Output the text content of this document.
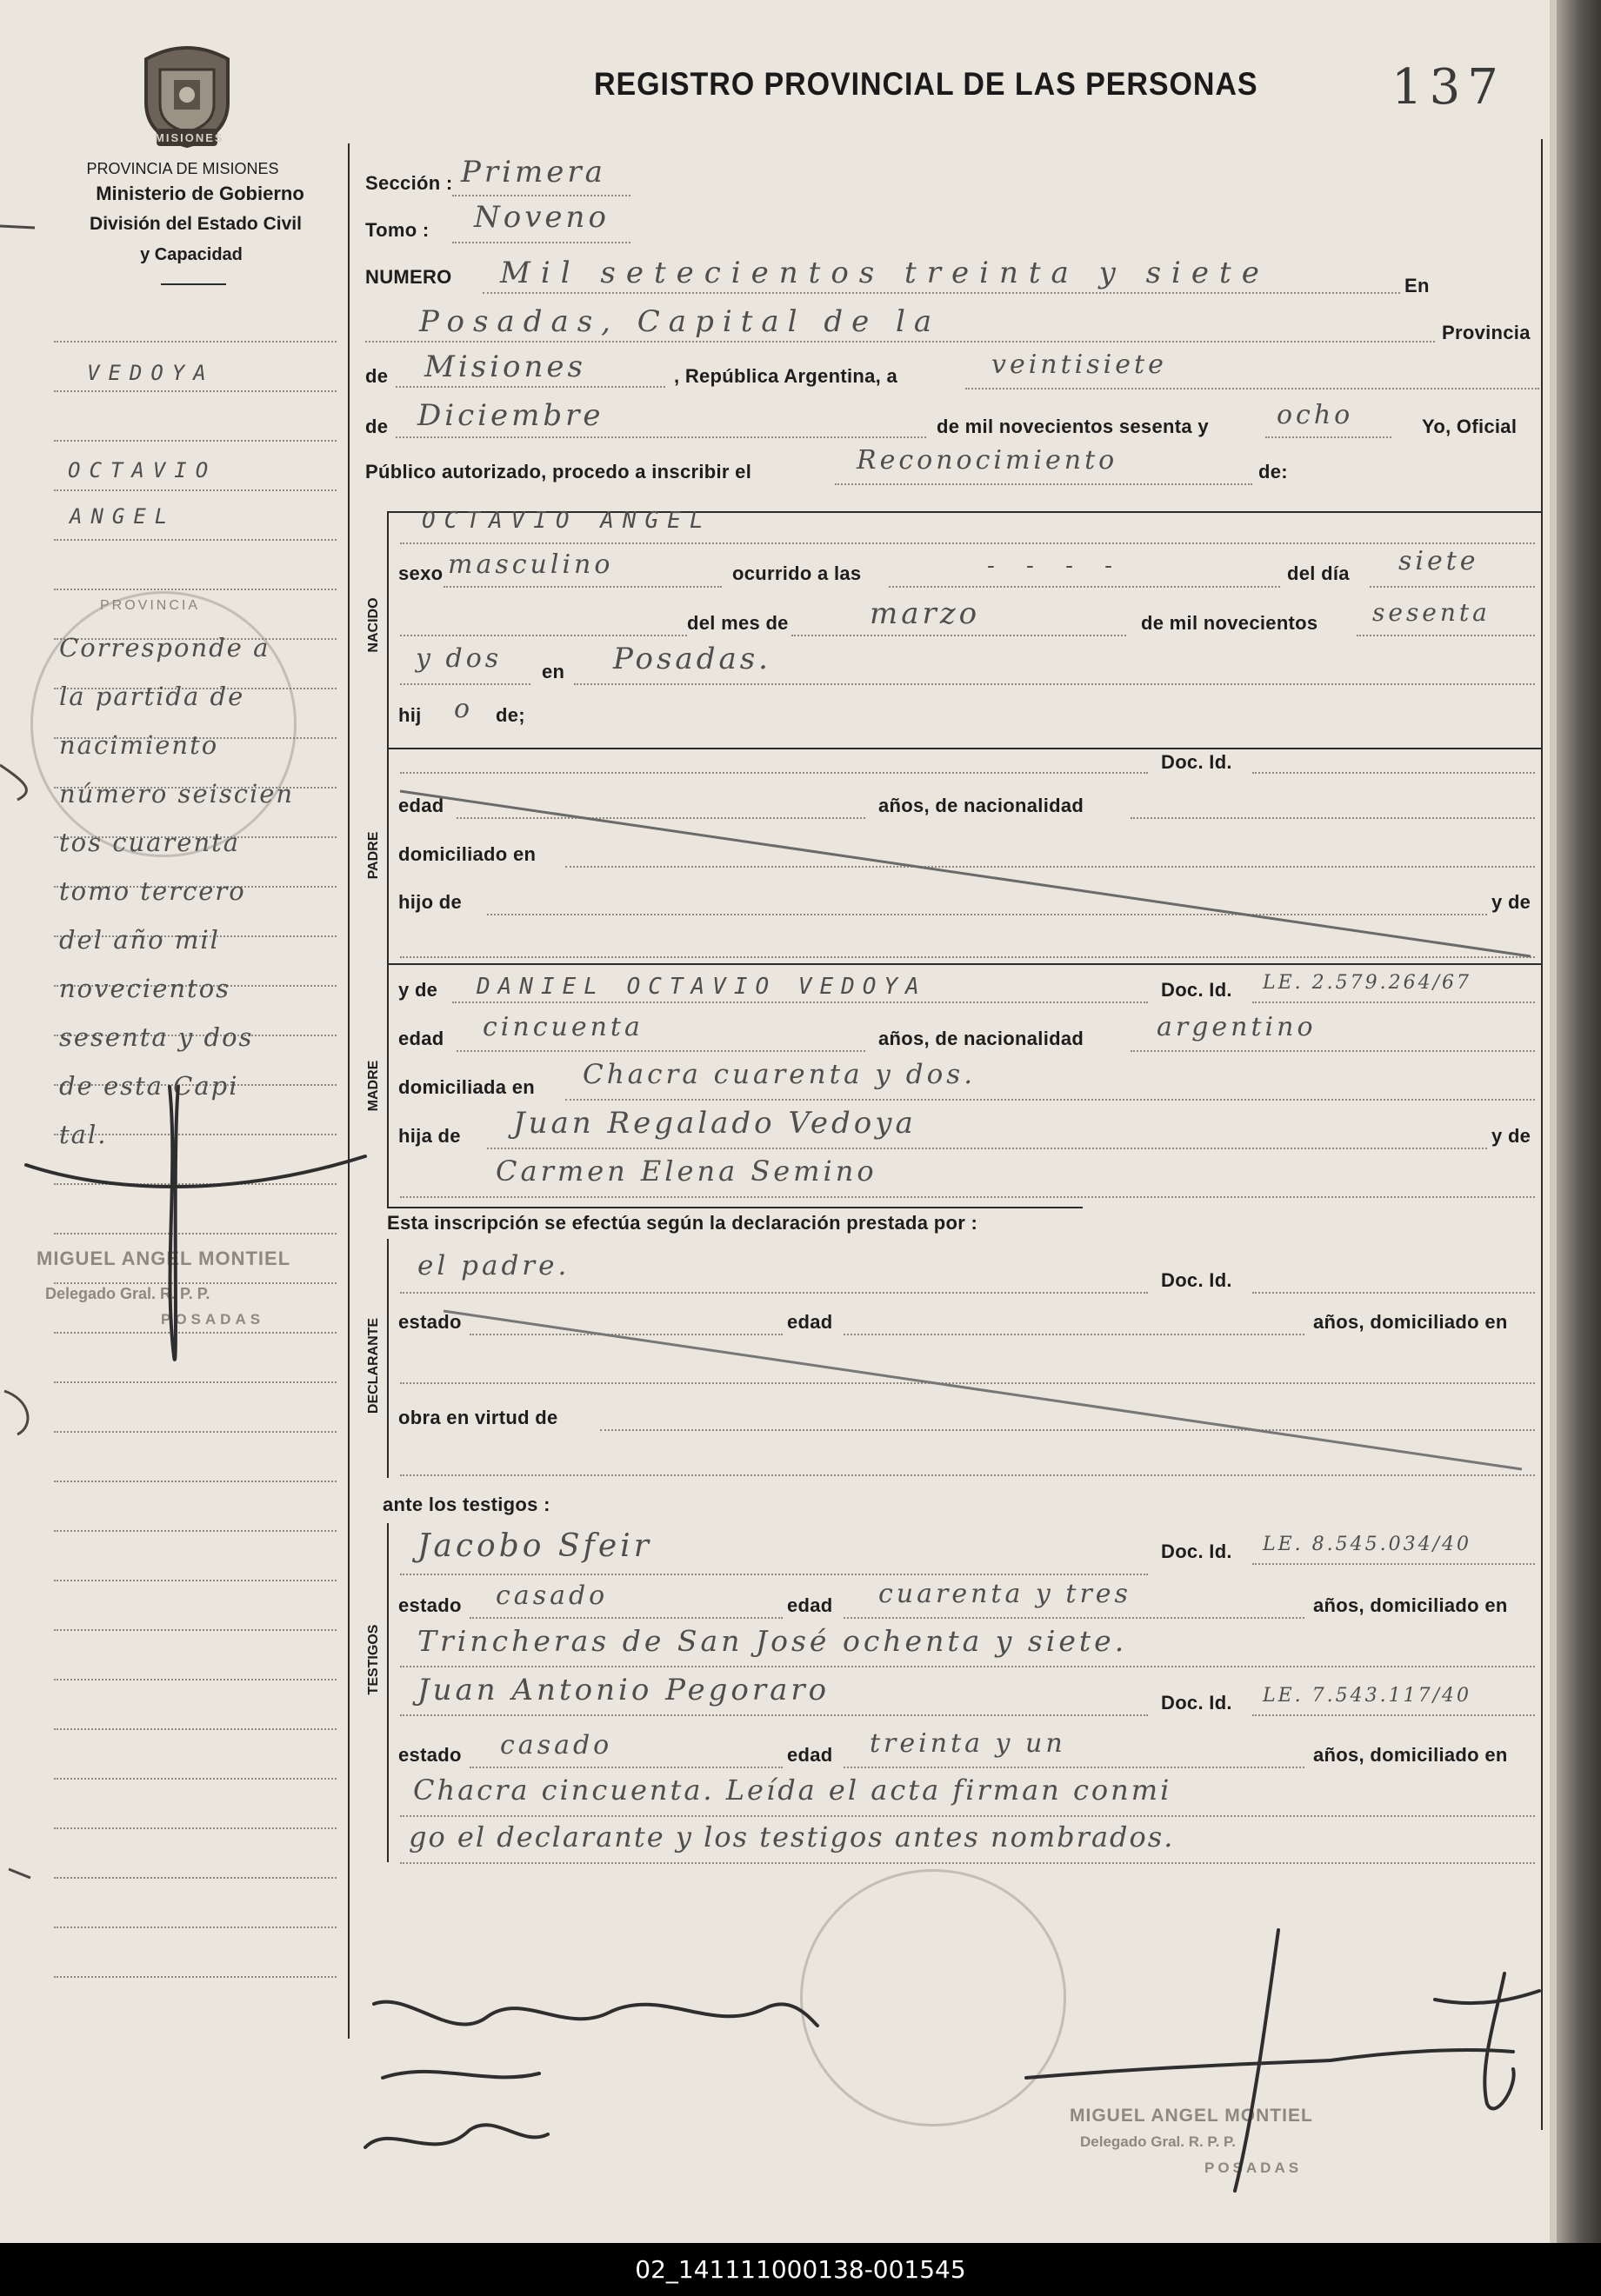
MISIONES
PROVINCIA DE MISIONES
Ministerio de Gobierno
División del Estado Civil
y Capacidad
REGISTRO PROVINCIAL DE LAS PERSONAS	137
VEDOYA
OCTAVIO
ANGEL
Corresponde a
la partida de
nacimiento
número seiscien
tos cuarenta
tomo tercero
del año mil
novecientos
sesenta y dos
de esta Capi
tal.
PROVINCIA
MIGUEL ANGEL MONTIEL
Delegado Gral. R. P. P.
POSADAS
Sección : Primera
Tomo : Noveno
NUMERO Mil setecientos treinta y siete	En
Posadas, Capital de la	Provincia
de Misiones	, República Argentina, a	veintisiete
de Diciembre	de mil novecientos sesenta y	ocho	Yo, Oficial
Público autorizado, procedo a inscribir el	Reconocimiento	de:
NACIDO
OCTAVIO ANGEL
sexo masculino	ocurrido a las	- - - -	del día siete
del mes de	marzo	de mil novecientos sesenta
y dos en Posadas.
hij o de;
PADRE
Doc. Id.
edad	años, de nacionalidad
domiciliado en
hijo de	y de
MADRE
y de DANIEL OCTAVIO VEDOYA	Doc. Id. LE. 2.579.264/67
edad cincuenta	años, de nacionalidad	argentino
domiciliada en Chacra cuarenta y dos.
hija de Juan Regalado Vedoya	y de
Carmen Elena Semino
Esta inscripción se efectúa según la declaración prestada por :
DECLARANTE
el padre.	Doc. Id.
estado	edad	años, domiciliado en
obra en virtud de
ante los testigos :
TESTIGOS
Jacobo Sfeir	Doc. Id. LE. 8.545.034/40
estado casado	edad cuarenta y tres	años, domiciliado en
Trincheras de San José ochenta y siete.
Juan Antonio Pegoraro	Doc. Id. LE. 7.543.117/40
estado casado	edad treinta y un	años, domiciliado en
Chacra cincuenta. Leída el acta firman conmi
go el declarante y los testigos antes nombrados.
MIGUEL ANGEL MONTIEL
Delegado Gral. R. P. P.
POSADAS
02_141111000138-001545
